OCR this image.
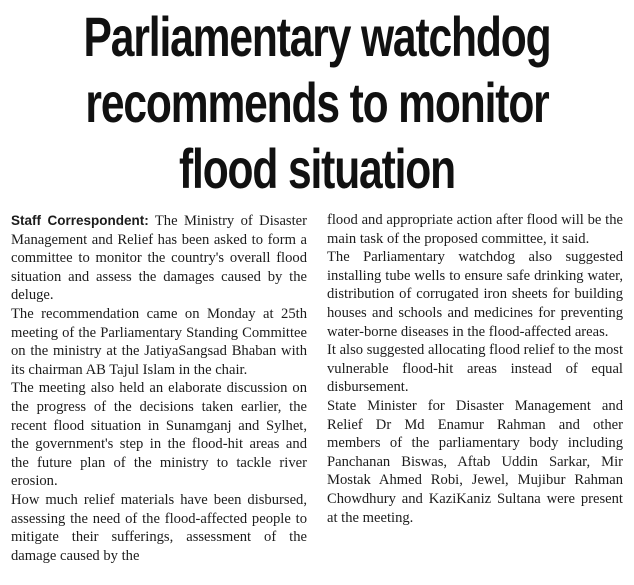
Parliamentary watchdog
recommends to monitor
flood situation

Staff Correspondent: The Ministry of Disaster Management and Relief has been asked to form a committee to monitor the country's overall flood situation and assess the damages caused by the deluge.

The recommendation came on Monday at 25th meeting of the Parliamentary Standing Committee on the ministry at the JatiyaSangsad Bhaban with its chairman AB Tajul Islam in the chair.

The meeting also held an elaborate discussion on the progress of the decisions taken earlier, the recent flood situation in Sunamganj and Sylhet, the government's step in the flood-hit areas and the future plan of the ministry to tackle river erosion.

How much relief materials have been disbursed, assessing the need of the flood-affected people to mitigate their sufferings, assessment of the damage caused by the

flood and appropriate action after flood will be the main task of the proposed committee, it said.

The Parliamentary watchdog also suggested installing tube wells to ensure safe drinking water, distribution of corrugated iron sheets for building houses and schools and medicines for preventing water-borne diseases in the flood-affected areas.

It also suggested allocating flood relief to the most vulnerable flood-hit areas instead of equal disbursement.

State Minister for Disaster Management and Relief Dr Md Enamur Rahman and other members of the parliamentary body including Panchanan Biswas, Aftab Uddin Sarkar, Mir Mostak Ahmed Robi, Jewel, Mujibur Rahman Chowdhury and KaziKaniz Sultana were present at the meeting.
